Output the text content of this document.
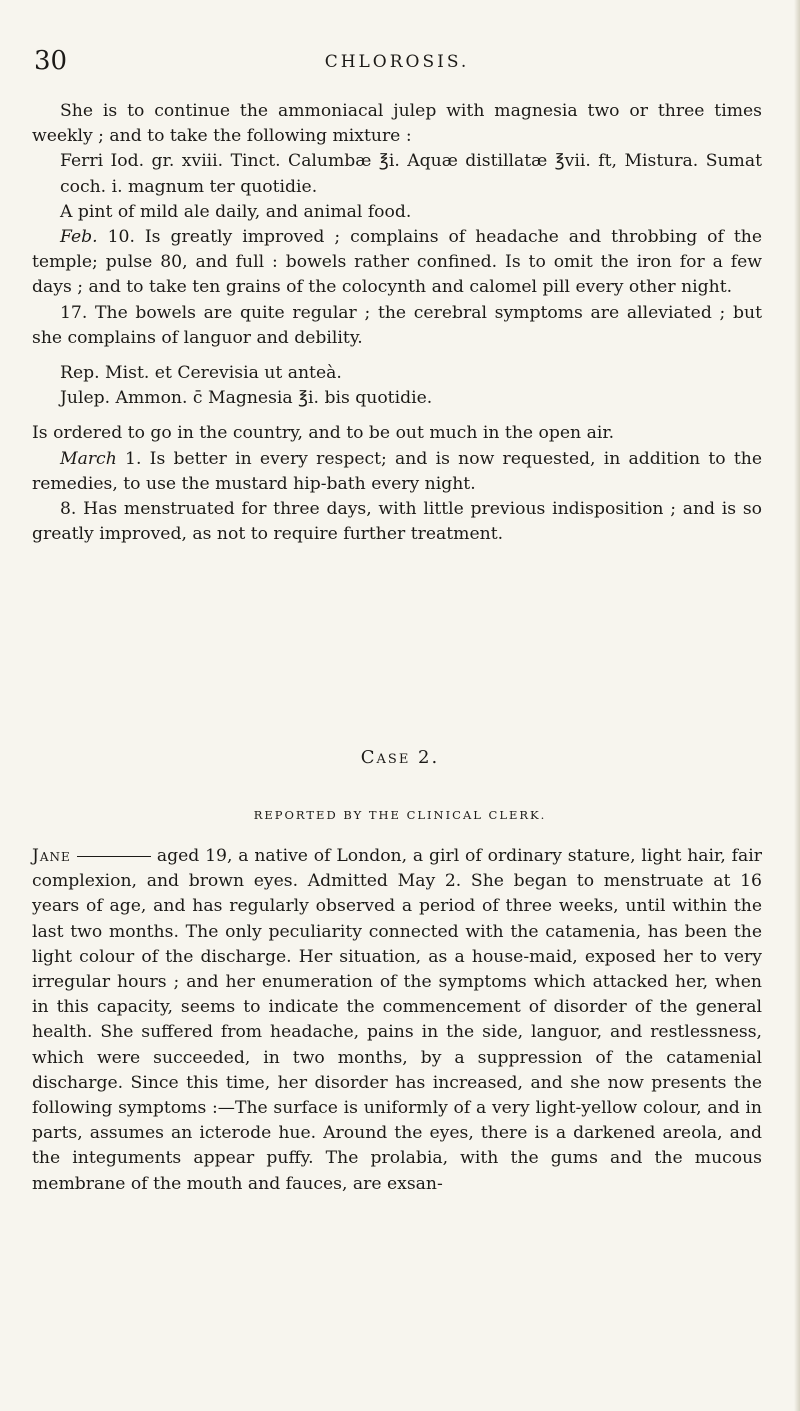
30	CHLOROSIS.

She is to continue the ammoniacal julep with magnesia two or three times weekly ; and to take the following mixture :

Ferri Iod. gr. xviii. Tinct. Calumbæ ℥i. Aquæ distillatæ ℥vii. ft, Mistura. Sumat coch. i. magnum ter quotidie.

A pint of mild ale daily, and animal food.

Feb. 10. Is greatly improved ; complains of headache and throbbing of the temple; pulse 80, and full : bowels rather confined. Is to omit the iron for a few days ; and to take ten grains of the colocynth and calomel pill every other night.

17. The bowels are quite regular ; the cerebral symptoms are alleviated ; but she complains of languor and debility.

Rep. Mist. et Cerevisia ut anteà.

Julep. Ammon. c̄ Magnesia ℥i. bis quotidie.

Is ordered to go in the country, and to be out much in the open air.

March 1. Is better in every respect; and is now requested, in addition to the remedies, to use the mustard hip-bath every night.

8. Has menstruated for three days, with little previous indisposition ; and is so greatly improved, as not to require further treatment.

Case 2.
REPORTED BY THE CLINICAL CLERK.

Jane	aged 19, a native of London, a girl of ordinary stature, light hair, fair complexion, and brown eyes. Admitted May 2. She began to menstruate at 16 years of age, and has regularly observed a period of three weeks, until within the last two months. The only peculiarity connected with the catamenia, has been the light colour of the discharge. Her situation, as a house-maid, exposed her to very irregular hours ; and her enumeration of the symptoms which attacked her, when in this capacity, seems to indicate the commencement of disorder of the general health. She suffered from headache, pains in the side, languor, and restlessness, which were succeeded, in two months, by a suppression of the catamenial discharge. Since this time, her disorder has increased, and she now presents the following symptoms :—The surface is uniformly of a very light-yellow colour, and in parts, assumes an icterode hue. Around the eyes, there is a darkened areola, and the integuments appear puffy. The prolabia, with the gums and the mucous membrane of the mouth and fauces, are exsan-
